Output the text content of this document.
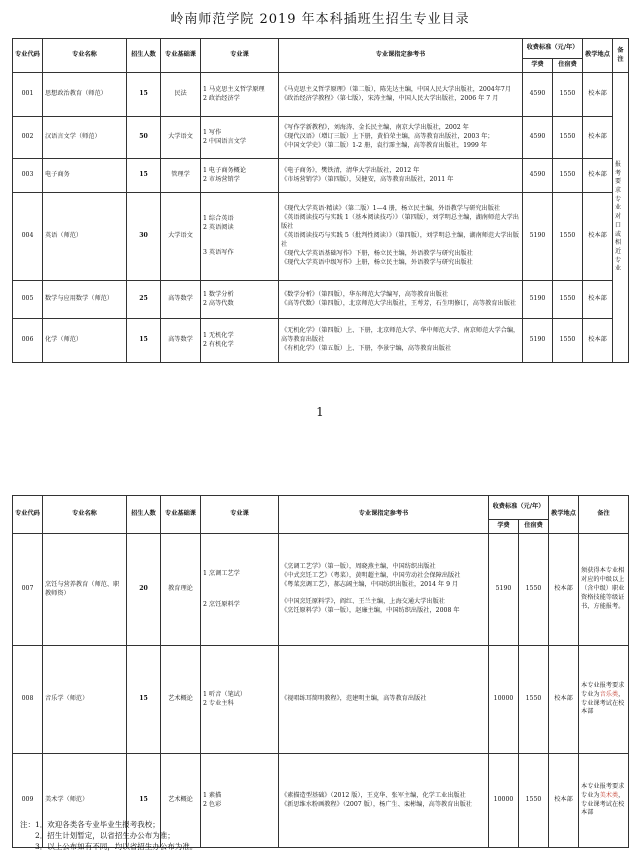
岭南师范学院 2019 年本科插班生招生专业目录
专业代码	专业名称	招生人数	专业基础课	专业课	专业课指定参考书	收费标准（元/年）		教学地点	备注
						学费	住宿费		
001	思想政治教育（师范）	15	民法	1 马克思主义哲学原理
2 政治经济学	《马克思主义哲学原理》（第二版），陈先达主编，中国人民大学出版社，2004年7月
《政治经济学教程》（第七版），宋涛主编，中国人民大学出版社，2006 年 7 月	4590	1550	校本部	报考要求专业对口或相近专业
002	汉语言文学（师范）	50	大学语文	1 写作
2 中国语言文学	《写作学新教程》，刘海涛、金长民主编，南京大学出版社，2002 年
《现代汉语》（增订三版）上下册，黄伯荣主编，高等教育出版社，2003 年；
《中国文学史》（第二版）1-2 册，袁行霈主编，高等教育出版社，1999 年	4590	1550	校本部	
003	电子商务	15	管理学	1 电子商务概论
2 市场营销学	《电子商务》，樊铁清，清华大学出版社，2012 年
《市场营销学》（第四版），吴健安，高等教育出版社，2011 年	4590	1550	校本部	
004	英语（师范）	30	大学语文	1 综合英语
2 英语阅读
3 英语写作	《现代大学英语·精读》（第二版）1—4 册，杨立民主编，外语教学与研究出版社
《英语阅读技巧与实践 1（基本阅读技巧）》（第四版），刘学明总主编，湖南师范大学出版社
《英语阅读技巧与实践 5（批判性阅读）》（第四版），刘学明总主编，湖南师范大学出版社
《现代大学英语基础写作》下册，杨立民主编，外语教学与研究出版社
《现代大学英语中级写作》上册，杨立民主编，外语教学与研究出版社	5190	1550	校本部	
005	数学与应用数学（师范）	25	高等数学	1 数学分析
2 高等代数	《数学分析》（第四版），华东师范大学编写，高等教育出版社
《高等代数》（第四版），北京师范大学出版社，王萼芳，石生明修订，高等教育出版社	5190	1550	校本部	
006	化学（师范）	15	高等数学	1 无机化学
2 有机化学	《无机化学》（第四版）上、下册，北京师范大学、华中师范大学、南京师范大学合编，高等教育出版社
《有机化学》（第五版）上、下册，李景宁编，高等教育出版社	5190	1550	校本部	
1
专业代码	专业名称	招生人数	专业基础课	专业课	专业课指定参考书	收费标准（元/年）		教学地点	备注
						学费	住宿费		
007	烹饪与营养教育（师范、职教师资）	20	教育理论	1 烹调工艺学
2 烹饪原料学	《烹调工艺学》（第一版），周晓燕主编，中国纺织出版社
《中式烹饪工艺》（粤菜），黄明超主编，中国劳动社会保障出版社
《粤菜烹调工艺》，郝志阔主编，中国纺织出版社，2014 年 9 月
《中国烹饪原料学》，阎红、王兰主编，上海交通大学出版社
《烹饪原料学》（第一版），赵廉主编，中国纺织出版社，2008 年	5190	1550	校本部	须获得本专业相对应的中级以上（含中级）职业资格技能等级证书，方能报考。
008	音乐学（师范）	15	艺术概论	1 听音（笔试）
2 专业主科	《视唱练耳简明教程》，范建明主编，高等教育出版社	10000	1550	校本部	本专业报考要求专业为音乐类，专业课考试在校本部
009	美术学（师范）	15	艺术概论	1 素描
2 色彩	《素描造型基础》（2012 版），王克华、张军主编，化学工业出版社
《新思维水粉画教程》（2007 版），杨广生、栾彬编，高等教育出版社	10000	1550	校本部	本专业报考要求专业为美术类，专业课考试在校本部
注：1．欢迎各类各专业毕业生报考我校；
2．招生计划暂定，以省招生办公布为准；
3．以上公布如有不同，均以省招生办公布为准。
